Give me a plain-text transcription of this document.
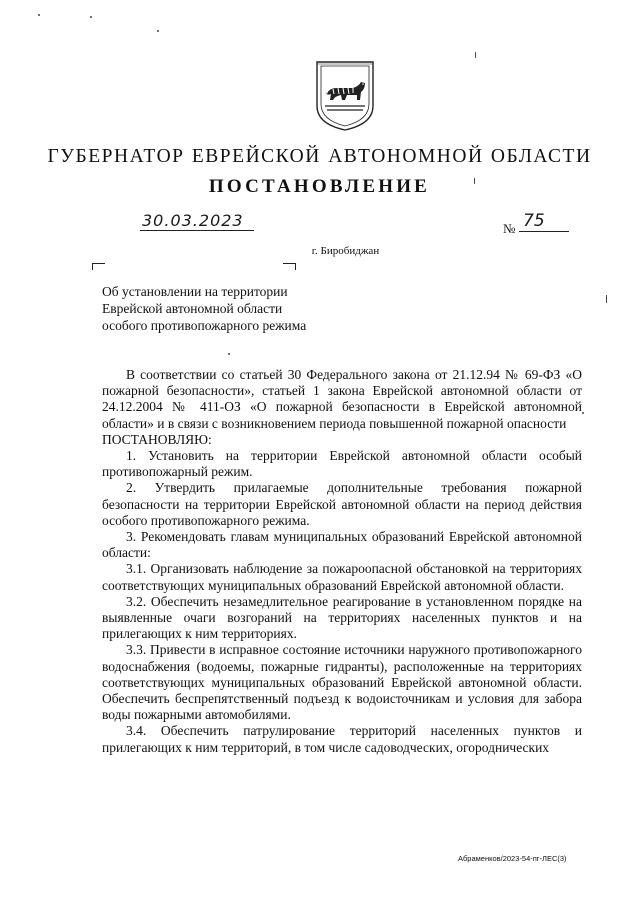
ГУБЕРНАТОР ЕВРЕЙСКОЙ АВТОНОМНОЙ ОБЛАСТИ
ПОСТАНОВЛЕНИЕ
30.03.2023	№ 75
г. Биробиджан
Об установлении на территории
Еврейской автономной области
особого противопожарного режима

В соответствии со статьей 30 Федерального закона от 21.12.94 № 69-ФЗ «О пожарной безопасности», статьей 1 закона Еврейской автономной области от 24.12.2004 № 411-ОЗ «О пожарной безопасности в Еврейской автономной области» и в связи с возникновением периода повышенной пожарной опасности

ПОСТАНОВЛЯЮ:

1. Установить на территории Еврейской автономной области особый противопожарный режим.

2. Утвердить прилагаемые дополнительные требования пожарной безопасности на территории Еврейской автономной области на период действия особого противопожарного режима.

3. Рекомендовать главам муниципальных образований Еврейской автономной области:

3.1. Организовать наблюдение за пожароопасной обстановкой на территориях соответствующих муниципальных образований Еврейской автономной области.

3.2. Обеспечить незамедлительное реагирование в установленном порядке на выявленные очаги возгораний на территориях населенных пунктов и на прилегающих к ним территориях.

3.3. Привести в исправное состояние источники наружного противопожарного водоснабжения (водоемы, пожарные гидранты), расположенные на территориях соответствующих муниципальных образований Еврейской автономной области. Обеспечить беспрепятственный подъезд к водоисточникам и условия для забора воды пожарными автомобилями.

3.4. Обеспечить патрулирование территорий населенных пунктов и прилегающих к ним территорий, в том числе садоводческих, огороднических

Абраменков/2023-54-пг-ЛЕС(3)
